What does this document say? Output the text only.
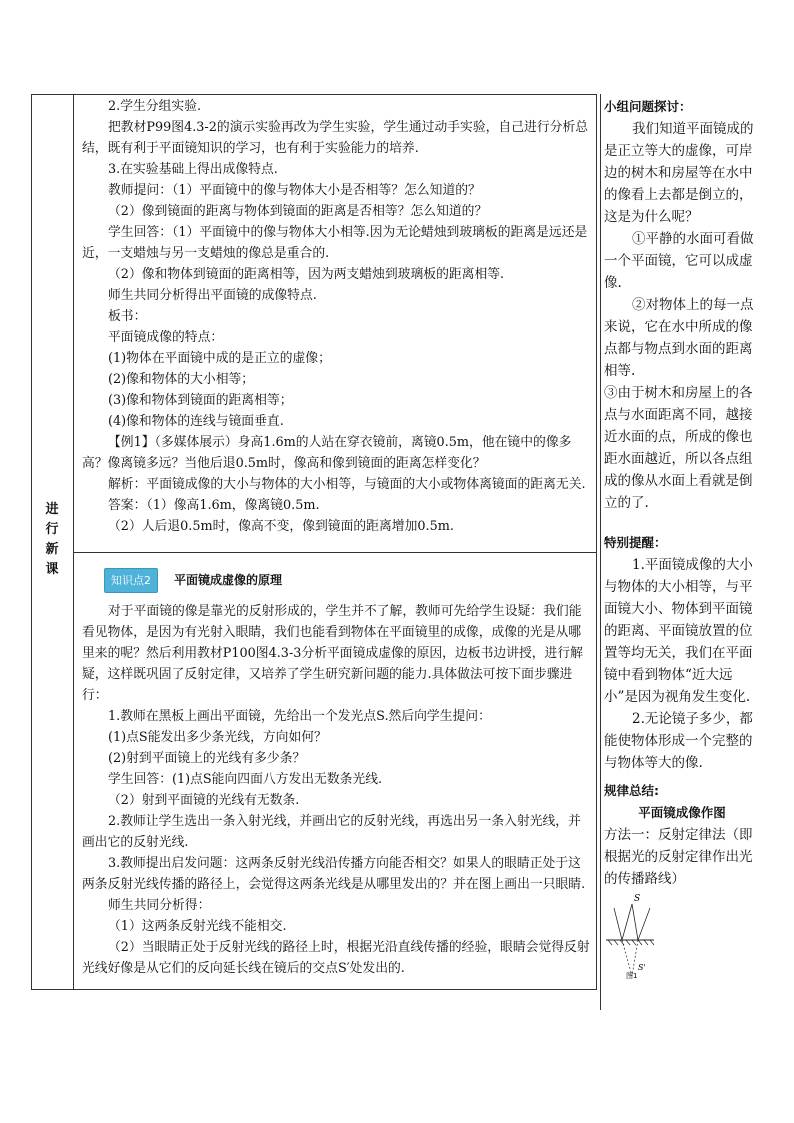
进
行
新
课

2.学生分组实验.

把教材P99图4.3-2的演示实验再改为学生实验，学生通过动手实验，自己进行分析总结，既有利于平面镜知识的学习，也有利于实验能力的培养.

3.在实验基础上得出成像特点.

教师提问：（1）平面镜中的像与物体大小是否相等？怎么知道的？

（2）像到镜面的距离与物体到镜面的距离是否相等？怎么知道的？

学生回答：（1）平面镜中的像与物体大小相等.因为无论蜡烛到玻璃板的距离是远还是近，一支蜡烛与另一支蜡烛的像总是重合的.

（2）像和物体到镜面的距离相等，因为两支蜡烛到玻璃板的距离相等.

师生共同分析得出平面镜的成像特点.

板书：

平面镜成像的特点：

(1)物体在平面镜中成的是正立的虚像；

(2)像和物体的大小相等；

(3)像和物体到镜面的距离相等；

(4)像和物体的连线与镜面垂直.

【例1】（多媒体展示）身高1.6m的人站在穿衣镜前，离镜0.5m，他在镜中的像多高？像离镜多远？当他后退0.5m时，像高和像到镜面的距离怎样变化？

解析：平面镜成像的大小与物体的大小相等，与镜面的大小或物体离镜面的距离无关.

答案：（1）像高1.6m，像离镜0.5m.

（2）人后退0.5m时，像高不变，像到镜面的距离增加0.5m.

知识点2	平面镜成虚像的原理

对于平面镜的像是靠光的反射形成的，学生并不了解，教师可先给学生设疑：我们能看见物体，是因为有光射入眼睛，我们也能看到物体在平面镜里的成像，成像的光是从哪里来的呢？然后利用教材P100图4.3-3分析平面镜成虚像的原因，边板书边讲授，进行解疑，这样既巩固了反射定律，又培养了学生研究新问题的能力.具体做法可按下面步骤进行：

1.教师在黑板上画出平面镜，先给出一个发光点S.然后向学生提问：

(1)点S能发出多少条光线，方向如何？

(2)射到平面镜上的光线有多少条？

学生回答：(1)点S能向四面八方发出无数条光线.

（2）射到平面镜的光线有无数条.

2.教师让学生选出一条入射光线，并画出它的反射光线，再选出另一条入射光线，并画出它的反射光线.

3.教师提出启发问题：这两条反射光线沿传播方向能否相交？如果人的眼睛正处于这两条反射光线传播的路径上，会觉得这两条光线是从哪里发出的？并在图上画出一只眼睛.

师生共同分析得：

（1）这两条反射光线不能相交.

（2）当眼睛正处于反射光线的路径上时，根据光沿直线传播的经验，眼睛会觉得反射光线好像是从它们的反向延长线在镜后的交点S′处发出的.

小组问题探讨：

我们知道平面镜成的是正立等大的虚像，可岸边的树木和房屋等在水中的像看上去都是倒立的，这是为什么呢？

①平静的水面可看做一个平面镜，它可以成虚像.

②对物体上的每一点来说，它在水中所成的像点都与物点到水面的距离相等.

③由于树木和房屋上的各点与水面距离不同，越接近水面的点，所成的像也距水面越近，所以各点组成的像从水面上看就是倒立的了.

特别提醒：

1.平面镜成像的大小与物体的大小相等，与平面镜大小、物体到平面镜的距离、平面镜放置的位置等均无关，我们在平面镜中看到物体“近大远小”是因为视角发生变化.

2.无论镜子多少，都能使物体形成一个完整的与物体等大的像.

规律总结:

平面镜成像作图

方法一：反射定律法（即根据光的反射定律作出光的传播路线）

S
S'
图1
